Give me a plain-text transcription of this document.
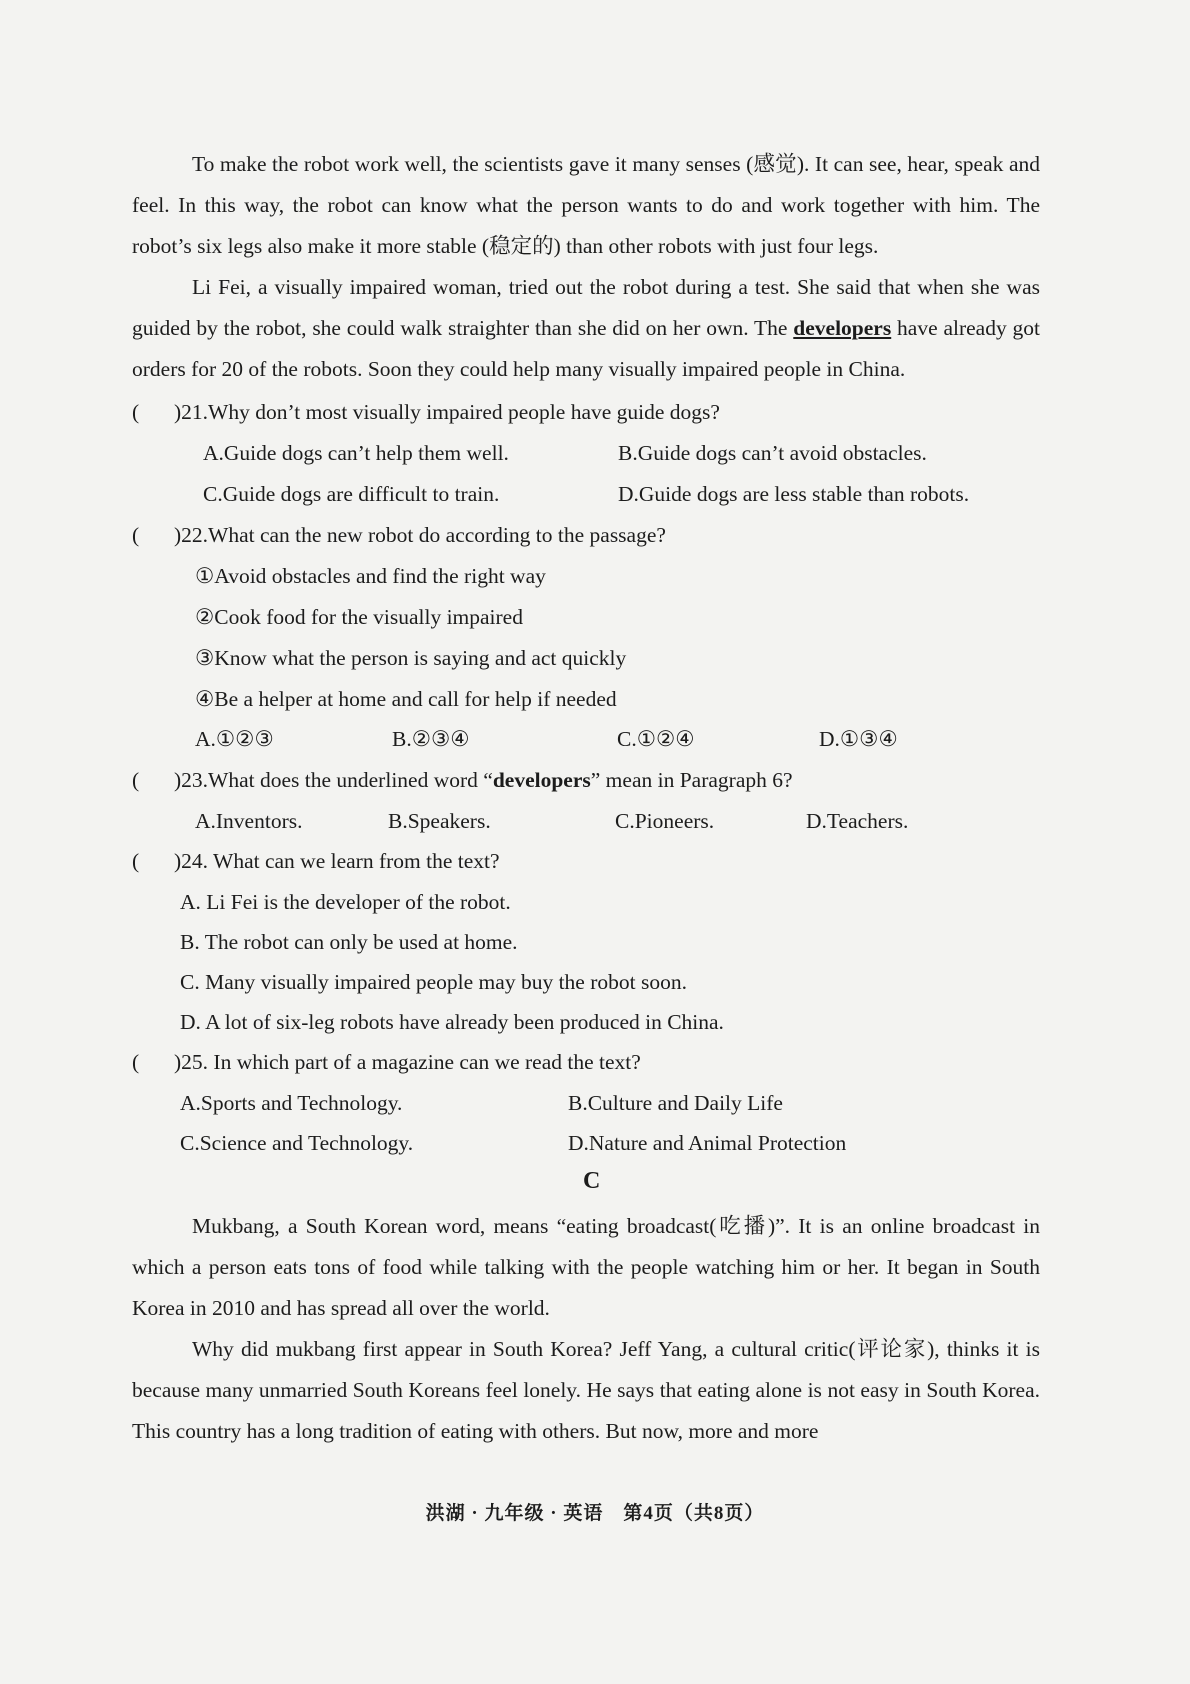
To make the robot work well, the scientists gave it many senses (感觉). It can see, hear, speak and feel. In this way, the robot can know what the person wants to do and work together with him. The robot’s six legs also make it more stable (稳定的) than other robots with just four legs.

Li Fei, a visually impaired woman, tried out the robot during a test. She said that when she was guided by the robot, she could walk straighter than she did on her own. The developers have already got orders for 20 of the robots. Soon they could help many visually impaired people in China.

( )21.Why don’t most visually impaired people have guide dogs?
A.Guide dogs can’t help them well.	B.Guide dogs can’t avoid obstacles.
C.Guide dogs are difficult to train.	D.Guide dogs are less stable than robots.
( )22.What can the new robot do according to the passage?
①Avoid obstacles and find the right way
②Cook food for the visually impaired
③Know what the person is saying and act quickly
④Be a helper at home and call for help if needed
A.①②③	B.②③④	C.①②④	D.①③④
( )23.What does the underlined word “developers” mean in Paragraph 6?
A.Inventors.	B.Speakers.	C.Pioneers.	D.Teachers.
( )24. What can we learn from the text?
A. Li Fei is the developer of the robot.
B. The robot can only be used at home.
C. Many visually impaired people may buy the robot soon.
D. A lot of six-leg robots have already been produced in China.
( )25. In which part of a magazine can we read the text?
A.Sports and Technology.	B.Culture and Daily Life
C.Science and Technology.	D.Nature and Animal Protection
C

Mukbang, a South Korean word, means “eating broadcast(吃播)”. It is an online broadcast in which a person eats tons of food while talking with the people watching him or her. It began in South Korea in 2010 and has spread all over the world.

Why did mukbang first appear in South Korea? Jeff Yang, a cultural critic(评论家), thinks it is because many unmarried South Koreans feel lonely. He says that eating alone is not easy in South Korea. This country has a long tradition of eating with others. But now, more and more

洪湖 · 九年级 · 英语　第4页（共8页）
